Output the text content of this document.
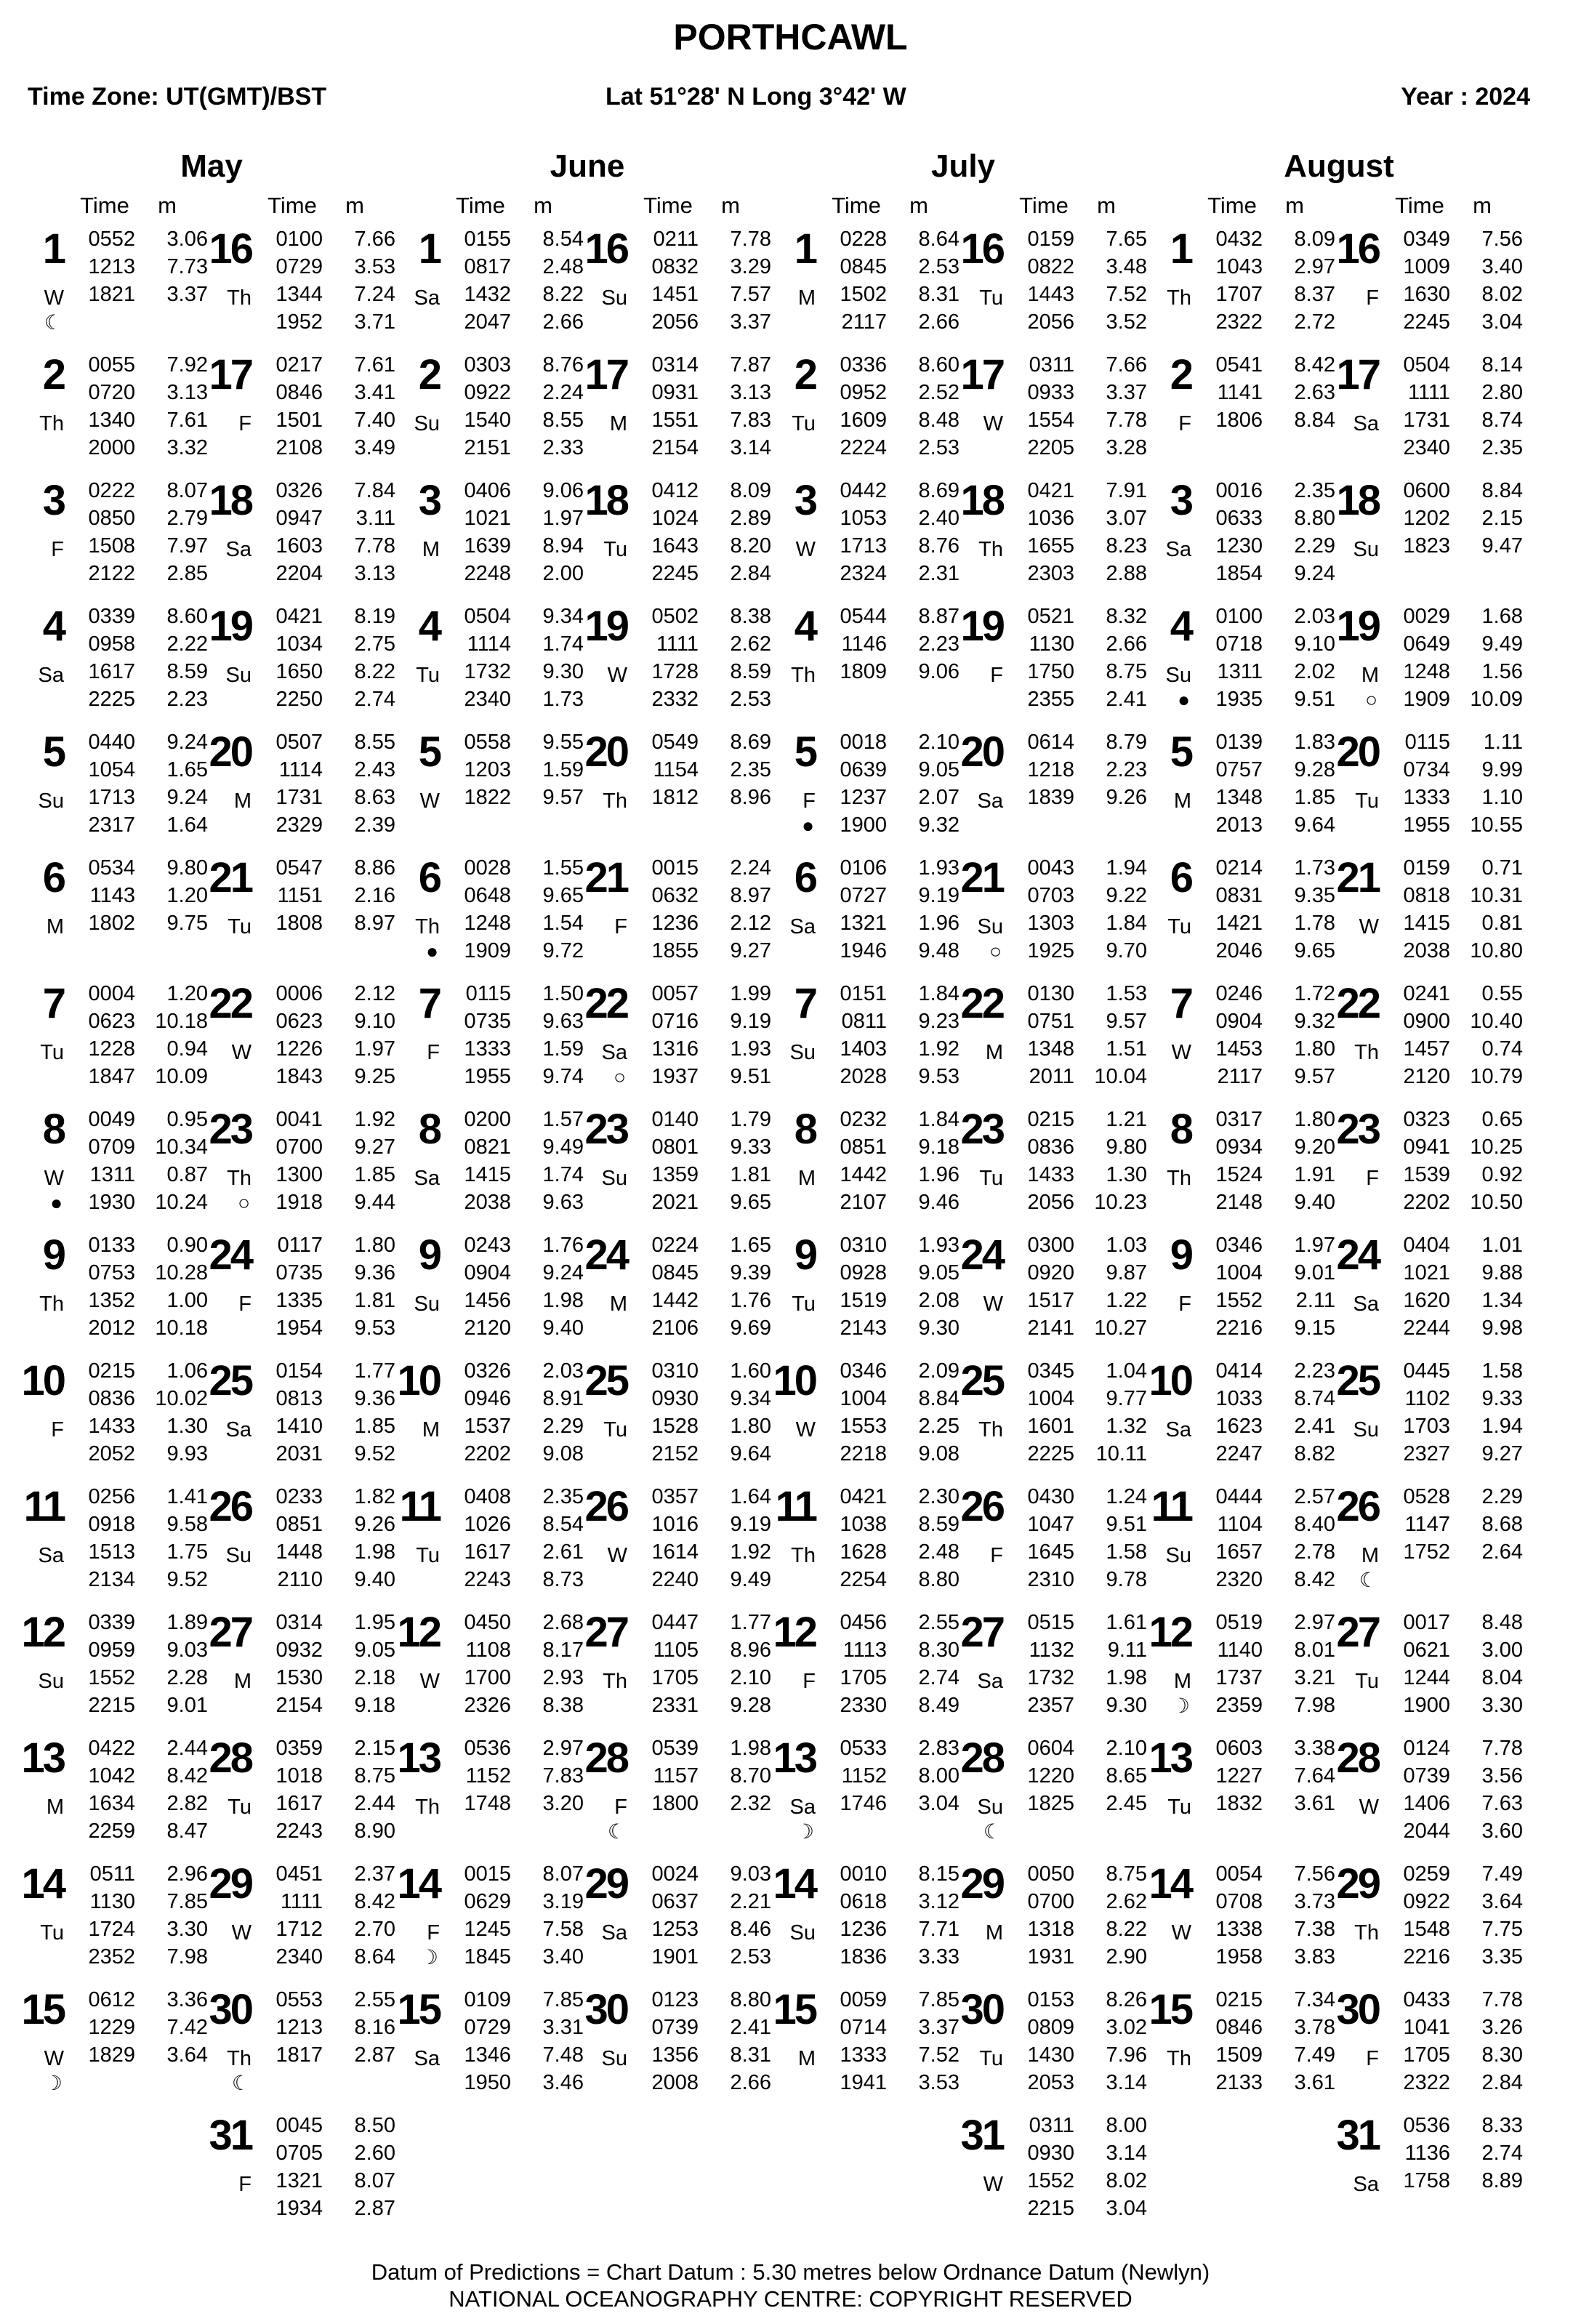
PORTHCAWL
Time Zone: UT(GMT)/BST	Lat 51°28' N Long 3°42' W	Year : 2024
May
Time	m
1
W
☾
0552 3.06
1213 7.73
1821 3.37
2
Th
0055 7.92
0720 3.13
1340 7.61
2000 3.32
3
F
0222 8.07
0850 2.79
1508 7.97
2122 2.85
4
Sa
0339 8.60
0958 2.22
1617 8.59
2225 2.23
5
Su
0440 9.24
1054 1.65
1713 9.24
2317 1.64
6
M
0534 9.80
1143 1.20
1802 9.75
7
Tu
0004 1.20
0623 10.18
1228 0.94
1847 10.09
8
W
●
0049 0.95
0709 10.34
1311 0.87
1930 10.24
9
Th
0133 0.90
0753 10.28
1352 1.00
2012 10.18
10
F
0215 1.06
0836 10.02
1433 1.30
2052 9.93
11
Sa
0256 1.41
0918 9.58
1513 1.75
2134 9.52
12
Su
0339 1.89
0959 9.03
1552 2.28
2215 9.01
13
M
0422 2.44
1042 8.42
1634 2.82
2259 8.47
14
Tu
0511 2.96
1130 7.85
1724 3.30
2352 7.98
15
W
☽
0612 3.36
1229 7.42
1829 3.64
Time	m
16
Th
0100 7.66
0729 3.53
1344 7.24
1952 3.71
17
F
0217 7.61
0846 3.41
1501 7.40
2108 3.49
18
Sa
0326 7.84
0947 3.11
1603 7.78
2204 3.13
19
Su
0421 8.19
1034 2.75
1650 8.22
2250 2.74
20
M
0507 8.55
1114 2.43
1731 8.63
2329 2.39
21
Tu
0547 8.86
1151 2.16
1808 8.97
22
W
0006 2.12
0623 9.10
1226 1.97
1843 9.25
23
Th
○
0041 1.92
0700 9.27
1300 1.85
1918 9.44
24
F
0117 1.80
0735 9.36
1335 1.81
1954 9.53
25
Sa
0154 1.77
0813 9.36
1410 1.85
2031 9.52
26
Su
0233 1.82
0851 9.26
1448 1.98
2110 9.40
27
M
0314 1.95
0932 9.05
1530 2.18
2154 9.18
28
Tu
0359 2.15
1018 8.75
1617 2.44
2243 8.90
29
W
0451 2.37
1111 8.42
1712 2.70
2340 8.64
30
Th
☾
0553 2.55
1213 8.16
1817 2.87
31
F
0045 8.50
0705 2.60
1321 8.07
1934 2.87
June
Time	m
1
Sa
0155 8.54
0817 2.48
1432 8.22
2047 2.66
2
Su
0303 8.76
0922 2.24
1540 8.55
2151 2.33
3
M
0406 9.06
1021 1.97
1639 8.94
2248 2.00
4
Tu
0504 9.34
1114 1.74
1732 9.30
2340 1.73
5
W
0558 9.55
1203 1.59
1822 9.57
6
Th
●
0028 1.55
0648 9.65
1248 1.54
1909 9.72
7
F
0115 1.50
0735 9.63
1333 1.59
1955 9.74
8
Sa
0200 1.57
0821 9.49
1415 1.74
2038 9.63
9
Su
0243 1.76
0904 9.24
1456 1.98
2120 9.40
10
M
0326 2.03
0946 8.91
1537 2.29
2202 9.08
11
Tu
0408 2.35
1026 8.54
1617 2.61
2243 8.73
12
W
0450 2.68
1108 8.17
1700 2.93
2326 8.38
13
Th
0536 2.97
1152 7.83
1748 3.20
14
F
☽
0015 8.07
0629 3.19
1245 7.58
1845 3.40
15
Sa
0109 7.85
0729 3.31
1346 7.48
1950 3.46
Time	m
16
Su
0211 7.78
0832 3.29
1451 7.57
2056 3.37
17
M
0314 7.87
0931 3.13
1551 7.83
2154 3.14
18
Tu
0412 8.09
1024 2.89
1643 8.20
2245 2.84
19
W
0502 8.38
1111 2.62
1728 8.59
2332 2.53
20
Th
0549 8.69
1154 2.35
1812 8.96
21
F
0015 2.24
0632 8.97
1236 2.12
1855 9.27
22
Sa
○
0057 1.99
0716 9.19
1316 1.93
1937 9.51
23
Su
0140 1.79
0801 9.33
1359 1.81
2021 9.65
24
M
0224 1.65
0845 9.39
1442 1.76
2106 9.69
25
Tu
0310 1.60
0930 9.34
1528 1.80
2152 9.64
26
W
0357 1.64
1016 9.19
1614 1.92
2240 9.49
27
Th
0447 1.77
1105 8.96
1705 2.10
2331 9.28
28
F
☾
0539 1.98
1157 8.70
1800 2.32
29
Sa
0024 9.03
0637 2.21
1253 8.46
1901 2.53
30
Su
0123 8.80
0739 2.41
1356 8.31
2008 2.66
July
Time	m
1
M
0228 8.64
0845 2.53
1502 8.31
2117 2.66
2
Tu
0336 8.60
0952 2.52
1609 8.48
2224 2.53
3
W
0442 8.69
1053 2.40
1713 8.76
2324 2.31
4
Th
0544 8.87
1146 2.23
1809 9.06
5
F
●
0018 2.10
0639 9.05
1237 2.07
1900 9.32
6
Sa
0106 1.93
0727 9.19
1321 1.96
1946 9.48
7
Su
0151 1.84
0811 9.23
1403 1.92
2028 9.53
8
M
0232 1.84
0851 9.18
1442 1.96
2107 9.46
9
Tu
0310 1.93
0928 9.05
1519 2.08
2143 9.30
10
W
0346 2.09
1004 8.84
1553 2.25
2218 9.08
11
Th
0421 2.30
1038 8.59
1628 2.48
2254 8.80
12
F
0456 2.55
1113 8.30
1705 2.74
2330 8.49
13
Sa
☽
0533 2.83
1152 8.00
1746 3.04
14
Su
0010 8.15
0618 3.12
1236 7.71
1836 3.33
15
M
0059 7.85
0714 3.37
1333 7.52
1941 3.53
Time	m
16
Tu
0159 7.65
0822 3.48
1443 7.52
2056 3.52
17
W
0311 7.66
0933 3.37
1554 7.78
2205 3.28
18
Th
0421 7.91
1036 3.07
1655 8.23
2303 2.88
19
F
0521 8.32
1130 2.66
1750 8.75
2355 2.41
20
Sa
0614 8.79
1218 2.23
1839 9.26
21
Su
○
0043 1.94
0703 9.22
1303 1.84
1925 9.70
22
M
0130 1.53
0751 9.57
1348 1.51
2011 10.04
23
Tu
0215 1.21
0836 9.80
1433 1.30
2056 10.23
24
W
0300 1.03
0920 9.87
1517 1.22
2141 10.27
25
Th
0345 1.04
1004 9.77
1601 1.32
2225 10.11
26
F
0430 1.24
1047 9.51
1645 1.58
2310 9.78
27
Sa
0515 1.61
1132 9.11
1732 1.98
2357 9.30
28
Su
☾
0604 2.10
1220 8.65
1825 2.45
29
M
0050 8.75
0700 2.62
1318 8.22
1931 2.90
30
Tu
0153 8.26
0809 3.02
1430 7.96
2053 3.14
31
W
0311 8.00
0930 3.14
1552 8.02
2215 3.04
August
Time	m
1
Th
0432 8.09
1043 2.97
1707 8.37
2322 2.72
2
F
0541 8.42
1141 2.63
1806 8.84
3
Sa
0016 2.35
0633 8.80
1230 2.29
1854 9.24
4
Su
●
0100 2.03
0718 9.10
1311 2.02
1935 9.51
5
M
0139 1.83
0757 9.28
1348 1.85
2013 9.64
6
Tu
0214 1.73
0831 9.35
1421 1.78
2046 9.65
7
W
0246 1.72
0904 9.32
1453 1.80
2117 9.57
8
Th
0317 1.80
0934 9.20
1524 1.91
2148 9.40
9
F
0346 1.97
1004 9.01
1552 2.11
2216 9.15
10
Sa
0414 2.23
1033 8.74
1623 2.41
2247 8.82
11
Su
0444 2.57
1104 8.40
1657 2.78
2320 8.42
12
M
☽
0519 2.97
1140 8.01
1737 3.21
2359 7.98
13
Tu
0603 3.38
1227 7.64
1832 3.61
14
W
0054 7.56
0708 3.73
1338 7.38
1958 3.83
15
Th
0215 7.34
0846 3.78
1509 7.49
2133 3.61
Time	m
16
F
0349 7.56
1009 3.40
1630 8.02
2245 3.04
17
Sa
0504 8.14
1111 2.80
1731 8.74
2340 2.35
18
Su
0600 8.84
1202 2.15
1823 9.47
19
M
○
0029 1.68
0649 9.49
1248 1.56
1909 10.09
20
Tu
0115 1.11
0734 9.99
1333 1.10
1955 10.55
21
W
0159 0.71
0818 10.31
1415 0.81
2038 10.80
22
Th
0241 0.55
0900 10.40
1457 0.74
2120 10.79
23
F
0323 0.65
0941 10.25
1539 0.92
2202 10.50
24
Sa
0404 1.01
1021 9.88
1620 1.34
2244 9.98
25
Su
0445 1.58
1102 9.33
1703 1.94
2327 9.27
26
M
☾
0528 2.29
1147 8.68
1752 2.64
27
Tu
0017 8.48
0621 3.00
1244 8.04
1900 3.30
28
W
0124 7.78
0739 3.56
1406 7.63
2044 3.60
29
Th
0259 7.49
0922 3.64
1548 7.75
2216 3.35
30
F
0433 7.78
1041 3.26
1705 8.30
2322 2.84
31
Sa
0536 8.33
1136 2.74
1758 8.89
Datum of Predictions = Chart Datum : 5.30 metres below Ordnance Datum (Newlyn)
NATIONAL OCEANOGRAPHY CENTRE: COPYRIGHT RESERVED
